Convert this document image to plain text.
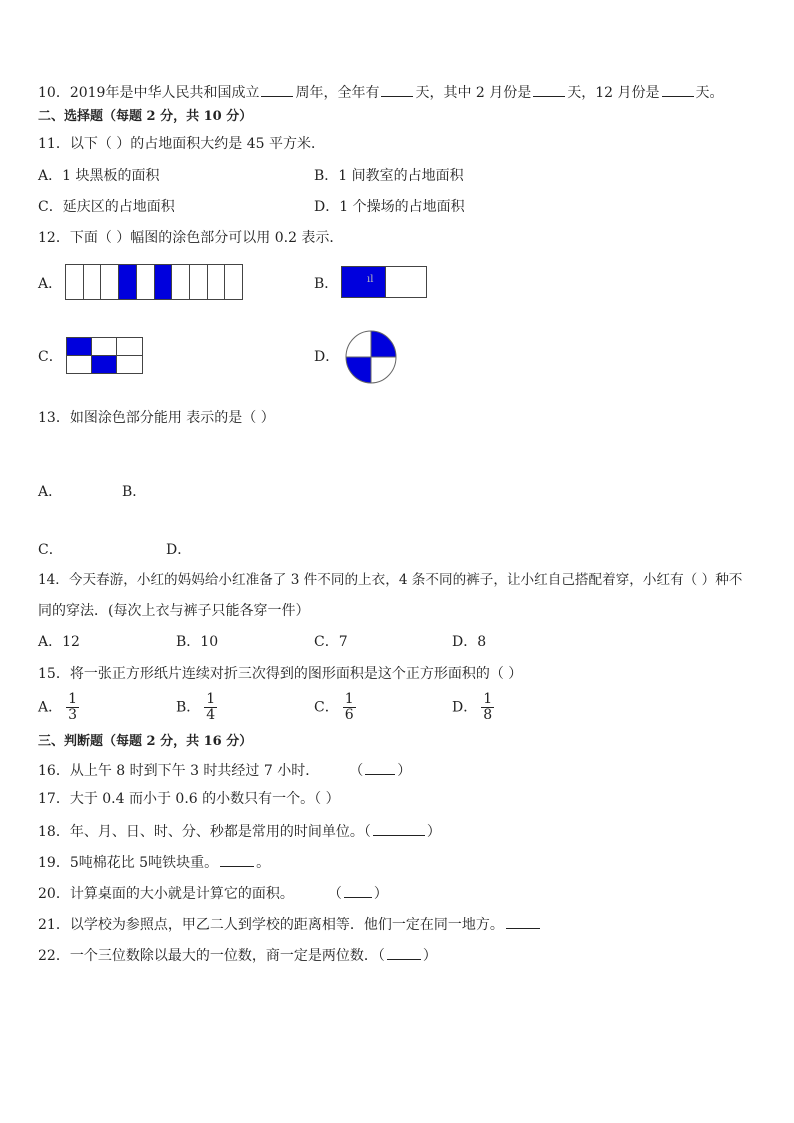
10．2019年是中华人民共和国成立	周年，全年有	天，其中 2 月份是	天，12 月份是	天。
二、选择题（每题 2 分，共 10 分）
11．以下（ ）的占地面积大约是 45 平方米．
A．1 块黑板的面积	B．1 间教室的占地面积
C．延庆区的占地面积	D．1 个操场的占地面积
12．下面（ ）幅图的涂色部分可以用 0.2 表示．
A．	B．	ıl
C．	D．
13．如图涂色部分能用 表示的是（ ）
A．	B．
C．	D．
14．今天春游，小红的妈妈给小红准备了 3 件不同的上衣，4 条不同的裤子，让小红自己搭配着穿，小红有（ ）种不
同的穿法．(每次上衣与裤子只能各穿一件）
A．12	B．10	C．7	D．8
15．将一张正方形纸片连续对折三次得到的图形面积是这个正方形面积的（ ）
A． $\frac{1}{3}$	B． $\frac{1}{4}$	C． $\frac{1}{6}$	D． $\frac{1}{8}$
三、判断题（每题 2 分，共 16 分）
16．从上午 8 时到下午 3 时共经过 7 小时． （ ）
17．大于 0.4 而小于 0.6 的小数只有一个。（ ）
18．年、月、日、时、分、秒都是常用的时间单位。（	）
19．5吨棉花比 5吨铁块重。	。
20．计算桌面的大小就是计算它的面积。 （ ）
21．以学校为参照点，甲乙二人到学校的距离相等．他们一定在同一地方。
22．一个三位数除以最大的一位数，商一定是两位数．（	）
